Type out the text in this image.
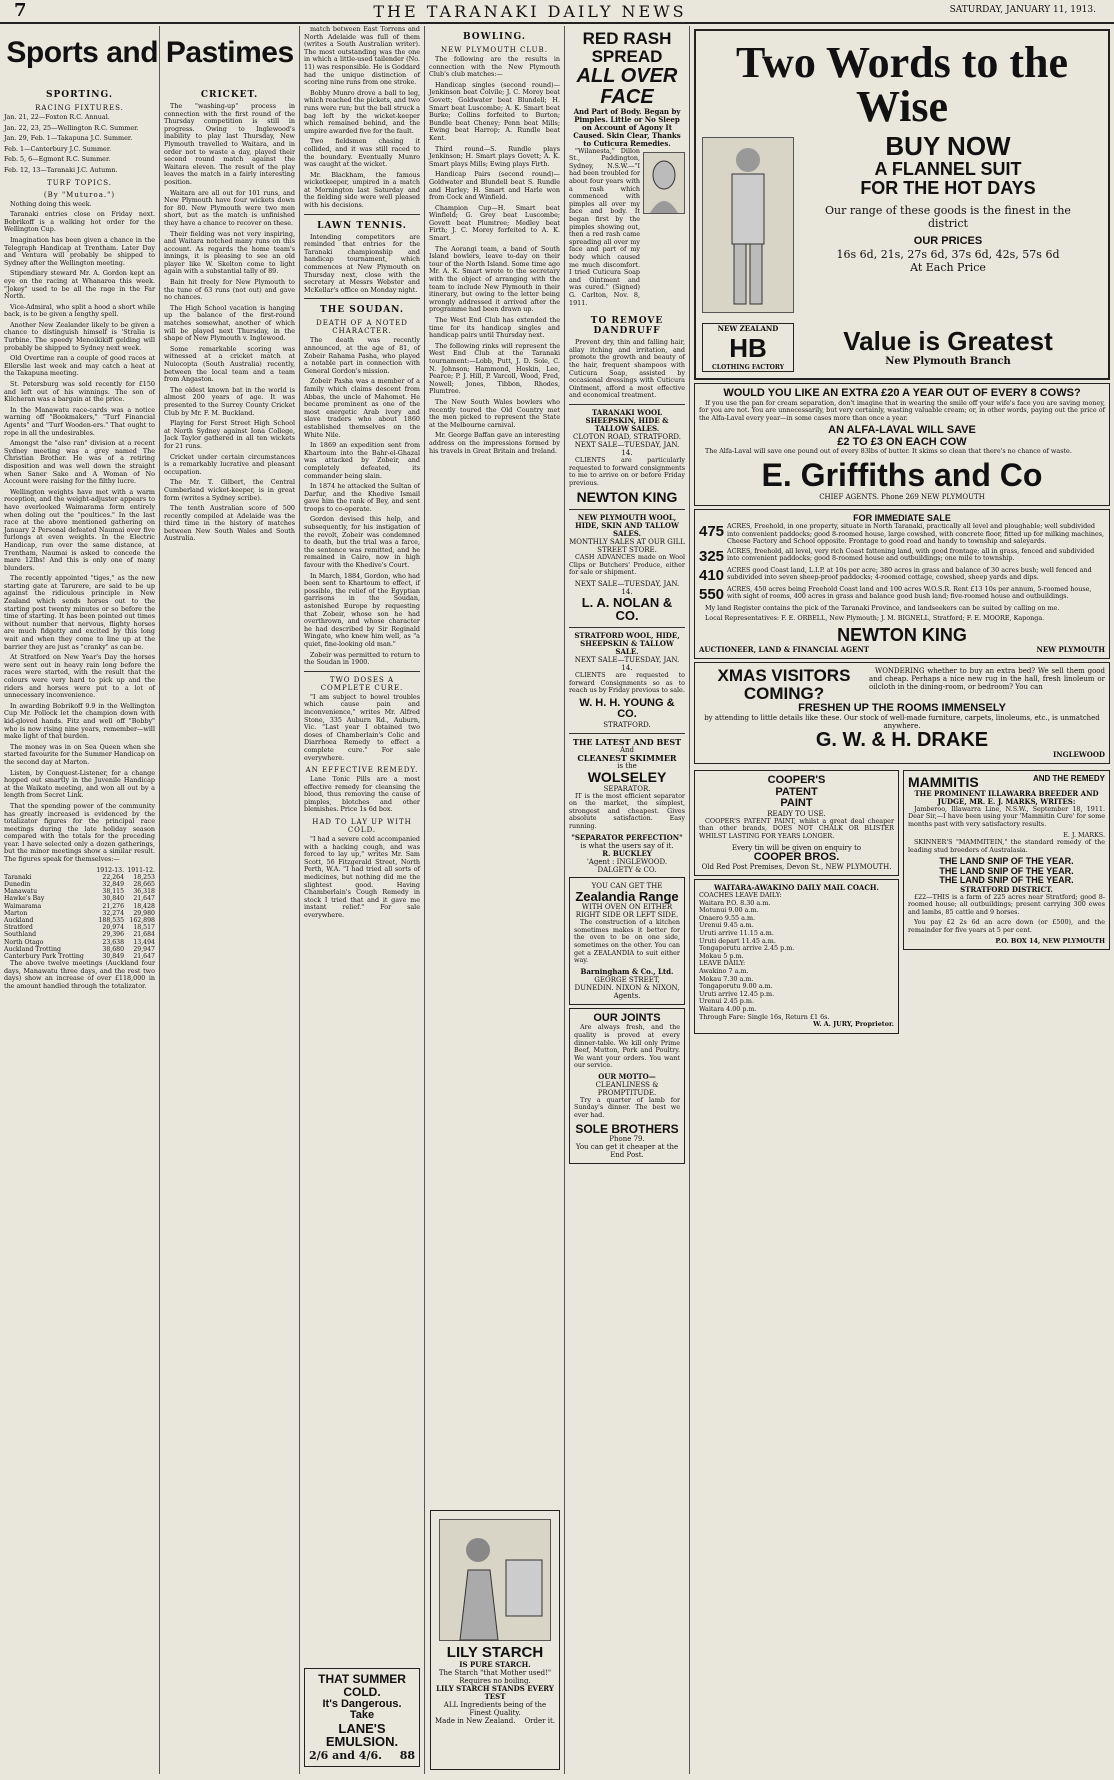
7	THE TARANAKI DAILY NEWS	SATURDAY, JANUARY 11, 1913.
Sports and Pastimes
SPORTING.
RACING FIXTURES.
Jan. 21, 22—Foxton R.C. Annual.
Jan. 22, 23, 25—Wellington R.C. Summer.
Jan. 29, Feb. 1—Takapuna J.C. Summer.
Feb. 1—Canterbury J.C. Summer.
Feb. 5, 6—Egmont R.C. Summer.
Feb. 12, 13—Taranaki J.C. Autumn.
TURF TOPICS.
(By "Muturoa.")

Nothing doing this week.

Taranaki entries close on Friday next. Bobrikoff is a walking hot order for the Wellington Cup.

Imagination has been given a chance in the Telegraph Handicap at Trentham. Later Day and Ventura will probably be shipped to Sydney after the Wellington meeting.

Stipendiary steward Mr. A. Gordon kept an eye on the racing at Whanaroa this week. "Jokey" used to be all the rage in the Far North.

Vice-Admiral, who split a hood a short while back, is to be given a lengthy spell.

Another New Zealander likely to be given a chance to distinguish himself is 'Stralia is Turbine. The speedy Menoikikiff gelding will probably be shipped to Sydney next week.

Old Overtime ran a couple of good races at Ellerslie last week and may catch a heat at the Takapuna meeting.

St. Petersburg was sold recently for £150 and left out of his winnings. The son of Kilcheran was a bargain at the price.

In the Manawatu race-cards was a notice warning off "Bookmakers," "Turf Financial Agents" and "Turf Wooden-ers." That ought to rope in all the undesirables.

Amongst the "also ran" division at a recent Sydney meeting was a grey named The Christian Brother. He was of a retiring disposition and was well down the straight when Saner Sake and A Woman of No Account were raising for the filthy lucre.

Wellington weights have met with a warm reception, and the weight-adjuster appears to have overlooked Waimarama form entirely when doling out the "poultices." In the last race at the above mentioned gathering on January 2 Personal defeated Naumai over five furlongs at even weights. In the Electric Handicap, run over the same distance, at Trentham, Naumai is asked to concede the mare 12lbs! And this is only one of many blunders.

The recently appointed "tiges," as the new starting gate at Tarurere, are said to be up against the ridiculous principle in New Zealand which sends horses out to the starting post twenty minutes or so before the time of starting. It has been pointed out times without number that nervous, flighty horses are much fidgetty and excited by this long wait and when they come to line up at the barrier they are just as "cranky" as can be.

At Stratford on New Year's Day the horses were sent out in heavy rain long before the races were started, with the result that the colours were very hard to pick up and the riders and horses were put to a lot of unnecessary inconvenience.

In awarding Bobrikoff 9.9 in the Wellington Cup Mr. Pollock let the champion down with kid-gloved hands. Fitz and well off "Bobby" who is now rising nine years, remember—will make light of that burden.

The money was in on Sea Queen when she started favourite for the Summer Handicap on the second day at Marton.

Listen, by Conquest-Listener, for a change hopped out smartly in the Juvenile Handicap at the Waikato meeting, and won all out by a length from Secret Link.

That the spending power of the community has greatly increased is evidenced by the totalizator figures for the principal race meetings during the late holiday season compared with the totals for the preceding year. I have selected only a dozen gatherings, but the minor meetings show a similar result. The figures speak for themselves:—

	1912-13.	1911-12.
Taranaki	22,264	18,253
Dunedin	32,849	28,665
Manawatu	38,115	36,318
Hawke's Bay	30,840	21,647
Waimarama	21,276	18,428
Marton	32,274	29,980
Auckland	188,535	162,898
Stratford	20,974	18,517
Southland	29,396	21,684
North Otago	23,638	13,494
Auckland Trotting	38,680	29,947
Canterbury Park Trotting	30,849	21,647

The above twelve meetings (Auckland four days, Manawatu three days, and the rest two days) show an increase of over £118,000 in the amount handled through the totalizator.

CRICKET.

The "washing-up" process in connection with the first round of the Thursday competition is still in progress. Owing to Inglewood's inability to play last Thursday, New Plymouth travelled to Waitara, and in order not to waste a day, played their second round match against the Waitara eleven. The result of the play leaves the match in a fairly interesting position.

Waitara are all out for 101 runs, and New Plymouth have four wickets down for 80. New Plymouth were two men short, but as the match is unfinished they have a chance to recover on these.

Their fielding was not very inspiring, and Waitara notched many runs on this account. As regards the home team's innings, it is pleasing to see an old player like W. Skelton come to light again with a substantial tally of 89.

Bain hit freely for New Plymouth to the tune of 63 runs (not out) and gave no chances.

The High School vacation is hanging up the balance of the first-round matches somewhat, another of which will be played next Thursday, in the shape of New Plymouth v. Inglewood.

Some remarkable scoring was witnessed at a cricket match at Nuiocopta (South Australia) recently, between the local team and a team from Angaston.

The oldest known bat in the world is almost 200 years of age. It was presented to the Surrey County Cricket Club by Mr. F. M. Buckland.

Playing for Ferst Street High School at North Sydney against Iona College, Jack Taylor gathered in all ten wickets for 21 runs.

Cricket under certain circumstances is a remarkably lucrative and pleasant occupation.

The Mr. T. Gilbert, the Central Cumberland wicket-keeper, is in great form (writes a Sydney scribe).

The tenth Australian score of 500 recently compiled at Adelaide was the third time in the history of matches between New South Wales and South Australia.

match between East Torrens and North Adelaide was full of them (writes a South Australian writer). The most outstanding was the one in which a little-used tailender (No. 11) was responsible. He is Goddard had the unique distinction of scoring nine runs from one stroke.

Bobby Munro drove a ball to leg, which reached the pickets, and two runs were run; but the ball struck a bag left by the wicket-keeper which remained behind, and the umpire awarded five for the fault.

Two fieldsmen chasing it collided, and it was still raced to the boundary. Eventually Munro was caught at the wicket.

Mr. Blackham, the famous wicketkeeper, umpired in a match at Mornington last Saturday and the fielding side were well pleased with his decisions.

LAWN TENNIS.

Intending competitors are reminded that entries for the Taranaki championship and handicap tournament, which commences at New Plymouth on Thursday next, close with the secretary at Messrs Webster and McKellar's office on Monday night.

THE SOUDAN.
DEATH OF A NOTED CHARACTER.

The death was recently announced, at the age of 81, of Zobeir Rahama Pasha, who played a notable part in connection with General Gordon's mission.

Zobeir Pasha was a member of a family which claims descent from Abbas, the uncle of Mahomet. He became prominent as one of the most energetic Arab ivory and slave traders who about 1860 established themselves on the White Nile.

In 1869 an expedition sent from Khartoum into the Bahr-el-Ghazal was attacked by Zobeir, and completely defeated, its commander being slain.

In 1874 he attacked the Sultan of Darfur, and the Khedive Ismail gave him the rank of Bey, and sent troops to co-operate.

Gordon devised this help, and subsequently, for his instigation of the revolt, Zobeir was condemned to death, but the trial was a farce, the sentence was remitted, and he remained in Cairo, now in high favour with the Khedive's Court.

In March, 1884, Gordon, who had been sent to Khartoum to effect, if possible, the relief of the Egyptian garrisons in the Soudan, astonished Europe by requesting that Zobeir, whose son he had overthrown, and whose character he had described by Sir Reginald Wingate, who knew him well, as "a quiet, fine-looking old man."

Zobeir was permitted to return to the Soudan in 1900.

TWO DOSES A COMPLETE CURE.

"I am subject to bowel troubles which cause pain and inconvenience," writes Mr. Alfred Stone, 335 Auburn Rd., Auburn, Vic. "Last year I obtained two doses of Chamberlain's Colic and Diarrhoea Remedy to effect a complete cure." For sale everywhere.

AN EFFECTIVE REMEDY.

Lane Tonic Pills are a most effective remedy for cleansing the blood, thus removing the cause of pimples, blotches and other blemishes. Price 1s 6d box.

HAD TO LAY UP WITH COLD.

"I had a severe cold accompanied with a hacking cough, and was forced to lay up," writes Mr. Sam Scott, 56 Fitzgerald Street, North Perth, W.A. "I had tried all sorts of medicines, but nothing did me the slightest good. Having Chamberlain's Cough Remedy in stock I tried that and it gave me instant relief." For sale everywhere.

THAT SUMMER COLD.
It's Dangerous. Take
LANE'S EMULSION.
2/6 and 4/6. 88
BOWLING.
NEW PLYMOUTH CLUB.

The following are the results in connection with the New Plymouth Club's club matches:—

Handicap singles (second round)—Jenkinson beat Colvile; J. C. Morey beat Govett; Goldwater beat Blundell; H. Smart beat Luscombe; A. K. Smart beat Burke; Collins forfeited to Burton; Bundle beat Cheney; Penn beat Mills; Ewing beat Harrop; A. Rundle beat Kent.

Third round—S. Rundle plays Jenkinson; H. Smart plays Govett; A. K. Smart plays Mills; Ewing plays Firth.

Handicap Pairs (second round)—Goldwater and Blundell beat S. Rundle and Harley; H. Smart and Harle won from Cock and Winfield.

Champion Cup—H. Smart beat Winfield; G. Grey beat Luscombe; Govett beat Plumtree; Medley beat Firth; J. C. Morey forfeited to A. K. Smart.

The Aorangi team, a band of South Island bowlers, leave to-day on their tour of the North Island. Some time ago Mr. A. K. Smart wrote to the secretary with the object of arranging with the team to include New Plymouth in their itinerary, but owing to the letter being wrongly addressed it arrived after the programme had been drawn up.

The West End Club has extended the time for its handicap singles and handicap pairs until Thursday next.

The following rinks will represent the West End Club at the Taranaki tournament:—Lobb, Putt, J. D. Sole, C. N. Johnson; Hammond, Hoskin, Lee, Pearce; P. J. Hill, P. Varcoll, Wood, Fred, Nowell; Jones, Tibbon, Rhodes, Plumtree.

The New South Wales bowlers who recently toured the Old Country met the men picked to represent the State at the Melbourne carnival.

Mr. George Baffan gave an interesting address on the impressions formed by his travels in Great Britain and Ireland.

RED RASH SPREAD
ALL OVER FACE
And Part of Body. Began by Pimples. Little or No Sleep on Account of Agony It Caused. Skin Clear, Thanks to Cuticura Remedies.

"Wilanesta," Dillon St., Paddington, Sydney, N.S.W.—"I had been troubled for about four years with a rash which commenced with pimples all over my face and body. It began first by the pimples showing out, then a red rash came spreading all over my face and part of my body which caused me much discomfort. I tried Cuticura Soap and Ointment and was cured." (Signed) G. Carlton, Nov. 8, 1911.

TO REMOVE DANDRUFF

Prevent dry, thin and falling hair, allay itching and irritation, and promote the growth and beauty of the hair, frequent shampoos with Cuticura Soap, assisted by occasional dressings with Cuticura Ointment, afford a most effective and economical treatment.

TARANAKI WOOL SHEEPSKIN, HIDE & TALLOW SALES.
CLOTON ROAD, STRATFORD.
NEXT SALE—TUESDAY, JAN. 14.

CLIENTS are particularly requested to forward consignments to me to arrive on or before Friday previous.

NEWTON KING
NEW PLYMOUTH WOOL, HIDE, SKIN AND TALLOW SALES.
MONTHLY SALES AT OUR GILL STREET STORE.

CASH ADVANCES made on Wool Clips or Butchers' Produce, either for sale or shipment.

NEXT SALE—TUESDAY, JAN. 14.
L. A. NOLAN & CO.
STRATFORD WOOL, HIDE, SHEEPSKIN & TALLOW SALE.
NEXT SALE—TUESDAY, JAN. 14.

CLIENTS are requested to forward Consignments so as to reach us by Friday previous to sale.

W. H. H. YOUNG & CO.
STRATFORD.
THE LATEST AND BEST
And
CLEANEST SKIMMER
is the
WOLSELEY
SEPARATOR.

IT is the most efficient separator on the market, the simplest, strongest and cheapest. Gives absolute satisfaction. Easy running.

"SEPARATOR PERFECTION"
is what the users say of it.
R. BUCKLEY
'Agent : INGLEWOOD. DALGETY & CO.
YOU CAN GET THE
Zealandia Range
WITH OVEN ON EITHER RIGHT SIDE OR LEFT SIDE.

The construction of a kitchen sometimes makes it better for the oven to be on one side, sometimes on the other. You can get a ZEALANDIA to suit either way.

Barningham & Co., Ltd.
GEORGE STREET, DUNEDIN. NIXON & NIXON, Agents.
OUR JOINTS

Are always fresh, and the quality is proved at every dinner-table. We kill only Prime Beef, Mutton, Pork and Poultry. We want your orders. You want our service.

OUR MOTTO—
CLEANLINESS & PROMPTITUDE.

Try a quarter of lamb for Sunday's dinner. The best we ever had.

SOLE BROTHERS
Phone 79.
You can get it cheaper at the End Post.
LILY STARCH
IS PURE STARCH.
The Starch "that Mother used!" Requires no boiling.
LILY STARCH STANDS EVERY TEST
ALL Ingredients being of the Finest Quality.
Made in New Zealand. Order it.
Two Words to the Wise
BUY NOW
A FLANNEL SUIT
FOR THE HOT DAYS
Our range of these goods is the finest in the district
OUR PRICES
16s 6d, 21s, 27s 6d, 37s 6d, 42s, 57s 6d
At Each Price
NEW ZEALAND
HB
CLOTHING FACTORY
Value is Greatest
New Plymouth Branch
WOULD YOU LIKE AN EXTRA £20 A YEAR OUT OF EVERY 8 COWS?

If you use the pan for cream separation, don't imagine that in wearing the smile off your wife's face you are saving money, for you are not. You are unnecessarily, but very certainly, wasting valuable cream; or, in other words, paying out the price of the Alfa-Laval every year—in some cases more than once a year.

AN ALFA-LAVAL WILL SAVE
£2 TO £3 ON EACH COW

The Alfa-Laval will save one pound out of every 83lbs of butter. It skims so clean that there's no chance of waste.

E. Griffiths and Co
CHIEF AGENTS. Phone 269 NEW PLYMOUTH
FOR IMMEDIATE SALE
475 ACRES, Freehold, in one property, situate in North Taranaki, practically all level and ploughable; well subdivided into convenient paddocks; good 8-roomed house, large cowshed, with concrete floor, fitted up for milking machines, Cheese Factory and School opposite. Frontage to good road and handy to township and saleyards.
325 ACRES, freehold, all level, very rich Coast fattening land, with good frontage; all in grass, fenced and subdivided into convenient paddocks; good 8-roomed house and outbuildings; one mile to township.
410 ACRES good Coast land, L.I.P. at 10s per acre; 380 acres in grass and balance of 30 acres bush; well fenced and subdivided into seven sheep-proof paddocks; 4-roomed cottage, cowshed, sheep yards and dips.
550 ACRES, 450 acres being Freehold Coast land and 100 acres W.O.S.R. Rent £13 10s per annum, 5-roomed house, with sight of rooms, 400 acres in grass and balance good bush land; five-roomed house and outbuildings.

My land Register contains the pick of the Taranaki Province, and landseekers can be suited by calling on me.

Local Representatives: F. E. ORBELL, New Plymouth; J. M. BIGNELL, Stratford; F. E. MOORE, Kaponga.

NEWTON KING
AUCTIONEER, LAND & FINANCIAL AGENT	NEW PLYMOUTH
XMAS VISITORS
COMING?

WONDERING whether to buy an extra bed? We sell them good and cheap. Perhaps a nice new rug in the hall, fresh linoleum or oilcloth in the dining-room, or bedroom? You can

FRESHEN UP THE ROOMS IMMENSELY
by attending to little details like these. Our stock of well-made furniture, carpets, linoleums, etc., is unmatched anywhere.
G. W. & H. DRAKE
INGLEWOOD
COOPER'S
PATENT
PAINT
READY TO USE.

COOPER'S PATENT PAINT, whilst a great deal cheaper than other brands, DOES NOT CHALK OR BLISTER WHILST LASTING FOR YEARS LONGER.

Every tin will be given on enquiry to
COOPER BROS.
Old Red Post Premises, Devon St., NEW PLYMOUTH.
WAITARA-AWAKINO DAILY MAIL COACH.
COACHES LEAVE DAILY:
Waitara P.O. 8.30 a.m.
Motunui 9.00 a.m.
Onaero 9.55 a.m.
Urenui 9.45 a.m.
Uruti arrive 11.15 a.m.
Uruti depart 11.45 a.m.
Tongaporutu arrive 2.45 p.m.
Mokau 5 p.m.
LEAVE DAILY:
Awakino 7 a.m.
Mokau 7.30 a.m.
Tongaporutu 9.00 a.m.
Uruti arrive 12.45 p.m.
Urenui 2.45 p.m.
Waitara 4.00 p.m.
Through Fare: Single 16s, Return £1 6s.
W. A. JURY, Proprietor.
MAMMITIS	AND THE REMEDY
THE PROMINENT ILLAWARRA BREEDER AND JUDGE, MR. E. J. MARKS, WRITES:

Jamberoo, Illawarra Line, N.S.W., September 18, 1911. Dear Sir,—I have been using your 'Mammitin Cure' for some months past with very satisfactory results.

E. J. MARKS.

SKINNER'S "MAMMITEIN," the standard remedy of the leading stud breeders of Australasia.

THE LAND SNIP OF THE YEAR.
THE LAND SNIP OF THE YEAR.
THE LAND SNIP OF THE YEAR.
STRATFORD DISTRICT.

£22—THIS is a farm of 225 acres near Stratford; good 8-roomed house; all outbuildings; present carrying 300 ewes and lambs, 85 cattle and 9 horses.

You pay £2 2s 6d an acre down (or £500), and the remainder for five years at 5 per cent.

P.O. BOX 14, NEW PLYMOUTH
